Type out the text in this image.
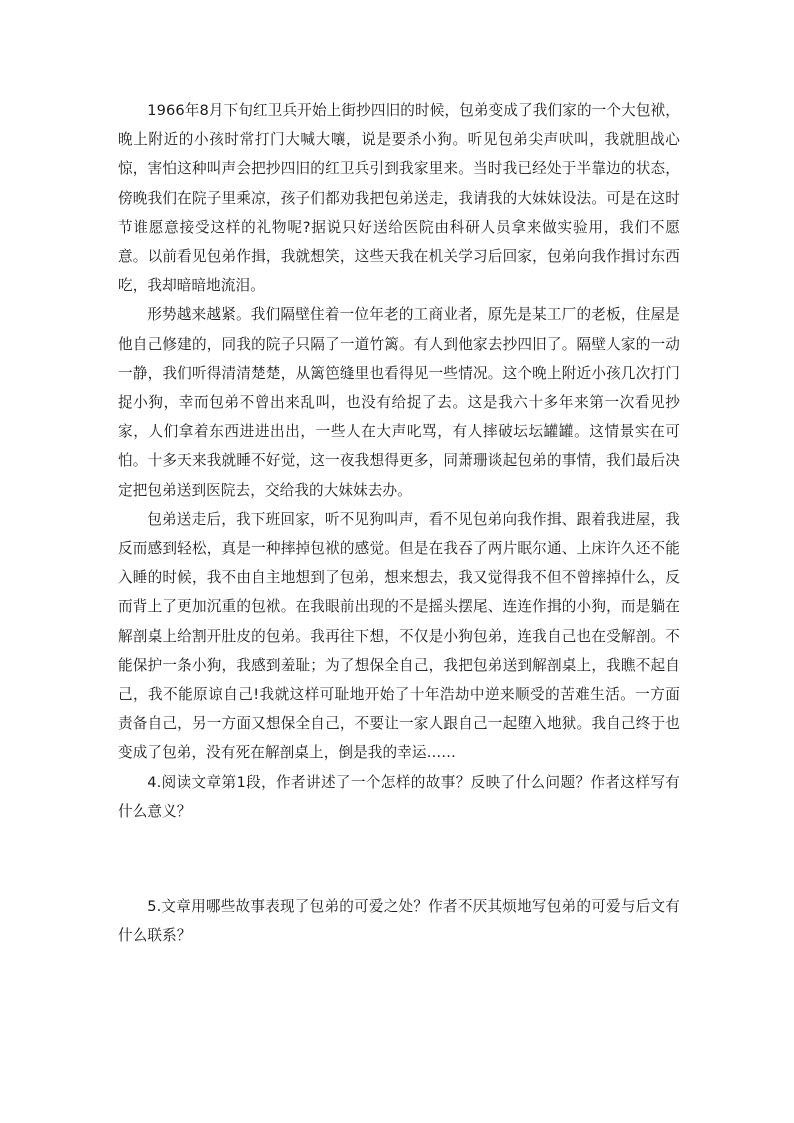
1966年8月下旬红卫兵开始上街抄四旧的时候，包弟变成了我们家的一个大包袱，晚上附近的小孩时常打门大喊大嚷，说是要杀小狗。听见包弟尖声吠叫，我就胆战心惊，害怕这种叫声会把抄四旧的红卫兵引到我家里来。当时我已经处于半靠边的状态，傍晚我们在院子里乘凉，孩子们都劝我把包弟送走，我请我的大妹妹设法。可是在这时节谁愿意接受这样的礼物呢?据说只好送给医院由科研人员拿来做实验用，我们不愿意。以前看见包弟作揖，我就想笑，这些天我在机关学习后回家，包弟向我作揖讨东西吃，我却暗暗地流泪。

形势越来越紧。我们隔壁住着一位年老的工商业者，原先是某工厂的老板，住屋是他自己修建的，同我的院子只隔了一道竹篱。有人到他家去抄四旧了。隔壁人家的一动一静，我们听得清清楚楚，从篱笆缝里也看得见一些情况。这个晚上附近小孩几次打门捉小狗，幸而包弟不曾出来乱叫，也没有给捉了去。这是我六十多年来第一次看见抄家，人们拿着东西进进出出，一些人在大声叱骂，有人摔破坛坛罐罐。这情景实在可怕。十多天来我就睡不好觉，这一夜我想得更多，同萧珊谈起包弟的事情，我们最后决定把包弟送到医院去，交给我的大妹妹去办。

包弟送走后，我下班回家，听不见狗叫声，看不见包弟向我作揖、跟着我进屋，我反而感到轻松，真是一种摔掉包袱的感觉。但是在我吞了两片眠尔通、上床许久还不能入睡的时候，我不由自主地想到了包弟，想来想去，我又觉得我不但不曾摔掉什么，反而背上了更加沉重的包袱。在我眼前出现的不是摇头摆尾、连连作揖的小狗，而是躺在解剖桌上给割开肚皮的包弟。我再往下想，不仅是小狗包弟，连我自己也在受解剖。不能保护一条小狗，我感到羞耻；为了想保全自己，我把包弟送到解剖桌上，我瞧不起自己，我不能原谅自己!我就这样可耻地开始了十年浩劫中逆来顺受的苦难生活。一方面责备自己，另一方面又想保全自己，不要让一家人跟自己一起堕入地狱。我自己终于也变成了包弟，没有死在解剖桌上，倒是我的幸运……

4.阅读文章第1段，作者讲述了一个怎样的故事？反映了什么问题？作者这样写有什么意义？

5.文章用哪些故事表现了包弟的可爱之处？作者不厌其烦地写包弟的可爱与后文有什么联系？
